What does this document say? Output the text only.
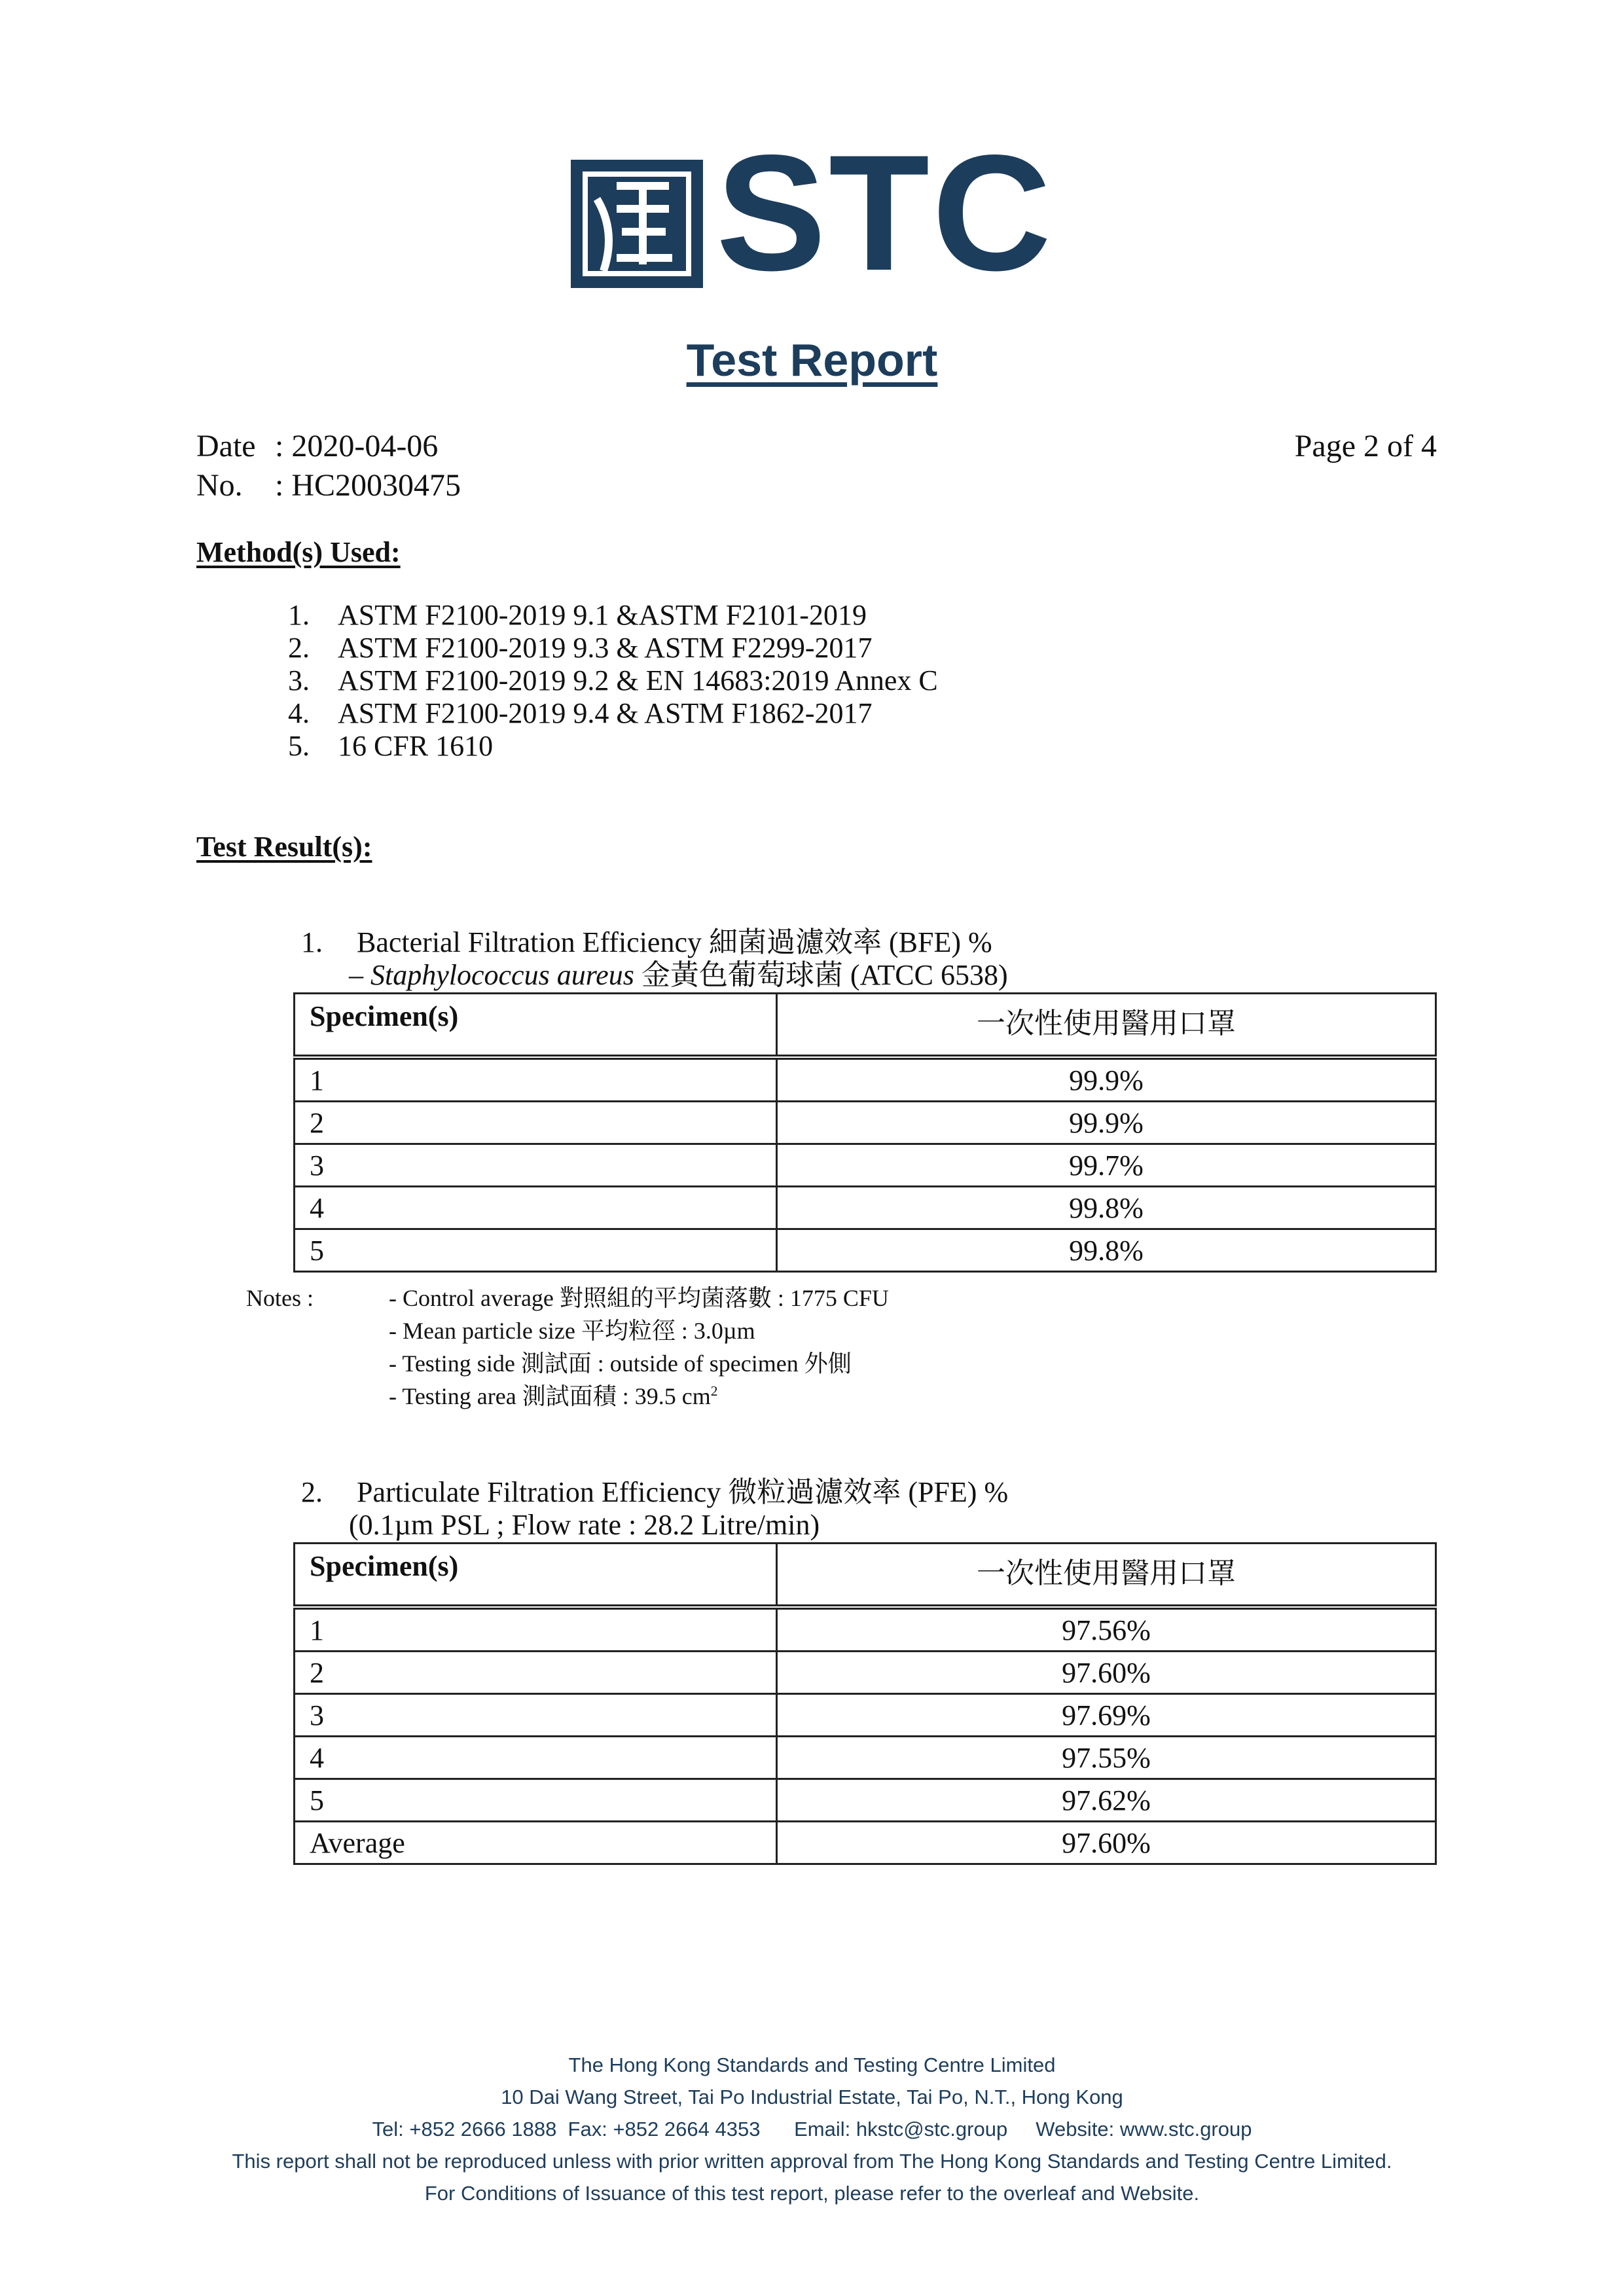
STC
Test Report
Date : 2020-04-06
No. : HC20030475
Page 2 of 4
Method(s) Used:
1. ASTM F2100-2019 9.1 &ASTM F2101-2019
2. ASTM F2100-2019 9.3 & ASTM F2299-2017
3. ASTM F2100-2019 9.2 & EN 14683:2019 Annex C
4. ASTM F2100-2019 9.4 & ASTM F1862-2017
5. 16 CFR 1610
Test Result(s):
1. Bacterial Filtration Efficiency 細菌過濾效率 (BFE) %
– Staphylococcus aureus 金黃色葡萄球菌 (ATCC 6538)
Specimen(s)	一次性使用醫用口罩
1	99.9%
2	99.9%
3	99.7%
4	99.8%
5	99.8%
Notes :	- Control average 對照組的平均菌落數 : 1775 CFU
- Mean particle size 平均粒徑 : 3.0µm
- Testing side 測試面 : outside of specimen 外側
- Testing area 測試面積 : 39.5 $cm^2$
2. Particulate Filtration Efficiency 微粒過濾效率 (PFE) %
(0.1µm PSL ; Flow rate : 28.2 Litre/min)
Specimen(s)	一次性使用醫用口罩
1	97.56%
2	97.60%
3	97.69%
4	97.55%
5	97.62%
Average	97.60%
The Hong Kong Standards and Testing Centre Limited
10 Dai Wang Street, Tai Po Industrial Estate, Tai Po, N.T., Hong Kong
Tel: +852 2666 1888  Fax: +852 2664 4353      Email: hkstc@stc.group     Website: www.stc.group
This report shall not be reproduced unless with prior written approval from The Hong Kong Standards and Testing Centre Limited.
For Conditions of Issuance of this test report, please refer to the overleaf and Website.
